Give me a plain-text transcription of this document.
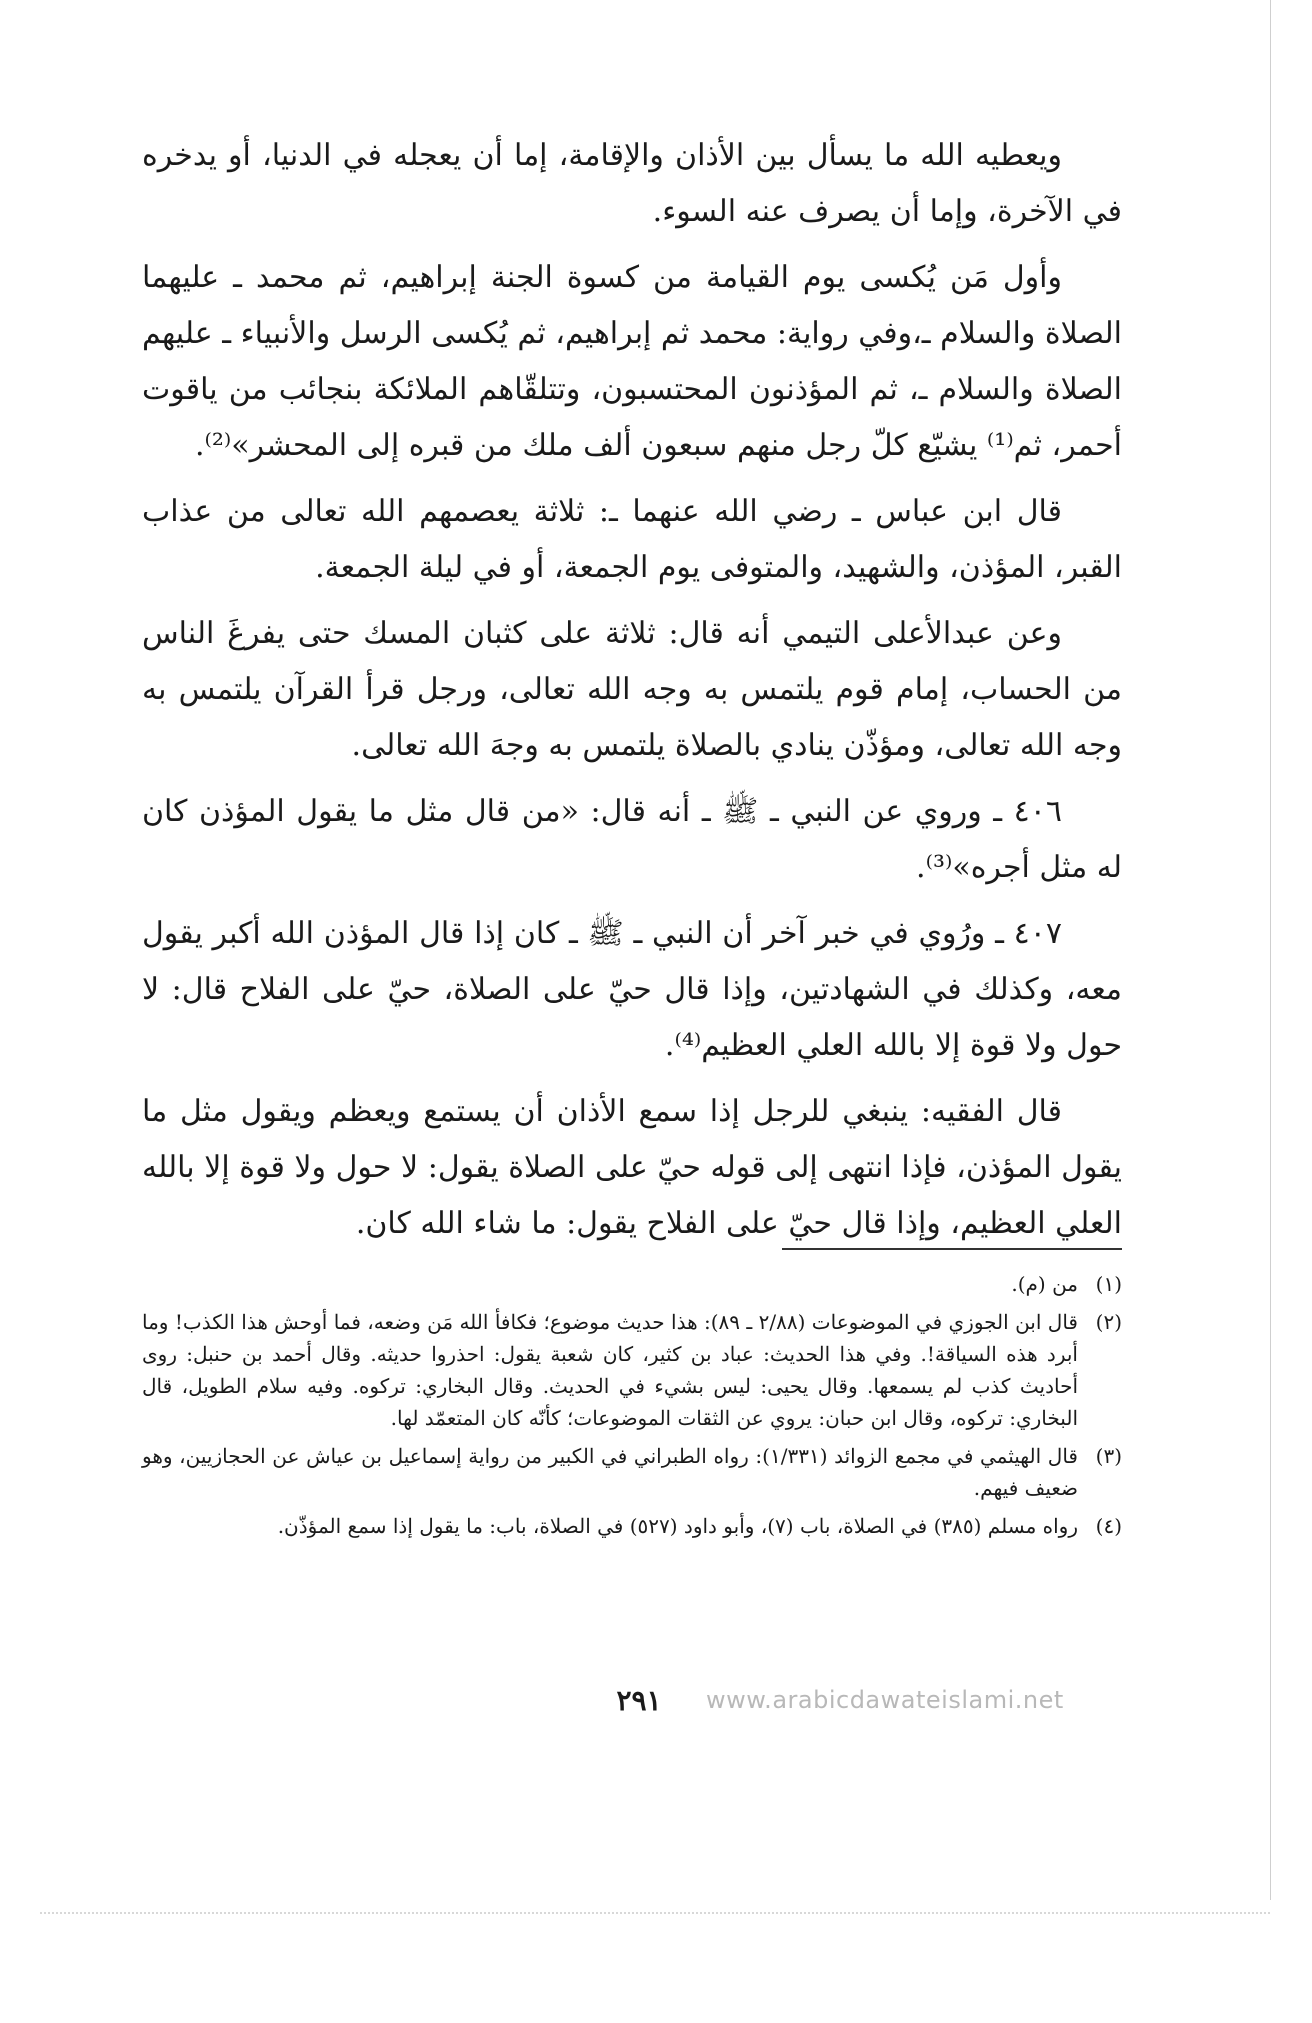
ويعطيه الله ما يسأل بين الأذان والإقامة، إما أن يعجله في الدنيا، أو يدخره في الآخرة، وإما أن يصرف عنه السوء.

وأول مَن يُكسى يوم القيامة من كسوة الجنة إبراهيم، ثم محمد ـ عليهما الصلاة والسلام ـ،وفي رواية: محمد ثم إبراهيم، ثم يُكسى الرسل والأنبياء ـ عليهم الصلاة والسلام ـ، ثم المؤذنون المحتسبون، وتتلقّاهم الملائكة بنجائب من ياقوت أحمر، ثم⁽¹⁾ يشيّع كلّ رجل منهم سبعون ألف ملك من قبره إلى المحشر»⁽²⁾.

قال ابن عباس ـ رضي الله عنهما ـ: ثلاثة يعصمهم الله تعالى من عذاب القبر، المؤذن، والشهيد، والمتوفى يوم الجمعة، أو في ليلة الجمعة.

وعن عبدالأعلى التيمي أنه قال: ثلاثة على كثبان المسك حتى يفرغَ الناس من الحساب، إمام قوم يلتمس به وجه الله تعالى، ورجل قرأ القرآن يلتمس به وجه الله تعالى، ومؤذّن ينادي بالصلاة يلتمس به وجهَ الله تعالى.

٤٠٦ ـ وروي عن النبي ـ ﷺ ـ أنه قال: «من قال مثل ما يقول المؤذن كان له مثل أجره»⁽³⁾.

٤٠٧ ـ ورُوي في خبر آخر أن النبي ـ ﷺ ـ كان إذا قال المؤذن الله أكبر يقول معه، وكذلك في الشهادتين، وإذا قال حيّ على الصلاة، حيّ على الفلاح قال: لا حول ولا قوة إلا بالله العلي العظيم⁽⁴⁾.

قال الفقيه: ينبغي للرجل إذا سمع الأذان أن يستمع ويعظم ويقول مثل ما يقول المؤذن، فإذا انتهى إلى قوله حيّ على الصلاة يقول: لا حول ولا قوة إلا بالله العلي العظيم، وإذا قال حيّ على الفلاح يقول: ما شاء الله كان.

(١)
من (م).
(٢)
قال ابن الجوزي في الموضوعات (٢/٨٨ ـ ٨٩): هذا حديث موضوع؛ فكافأ الله مَن وضعه، فما أوحش هذا الكذب! وما أبرد هذه السياقة!. وفي هذا الحديث: عباد بن كثير، كان شعبة يقول: احذروا حديثه. وقال أحمد بن حنبل: روى أحاديث كذب لم يسمعها. وقال يحيى: ليس بشيء في الحديث. وقال البخاري: تركوه. وفيه سلام الطويل، قال البخاري: تركوه، وقال ابن حبان: يروي عن الثقات الموضوعات؛ كأنّه كان المتعمّد لها.
(٣)
قال الهيثمي في مجمع الزوائد (١/٣٣١): رواه الطبراني في الكبير من رواية إسماعيل بن عياش عن الحجازيين، وهو ضعيف فيهم.
(٤)
رواه مسلم (٣٨٥) في الصلاة، باب (٧)، وأبو داود (٥٢٧) في الصلاة، باب: ما يقول إذا سمع المؤذّن.
٢٩١	www.arabicdawateislami.net
